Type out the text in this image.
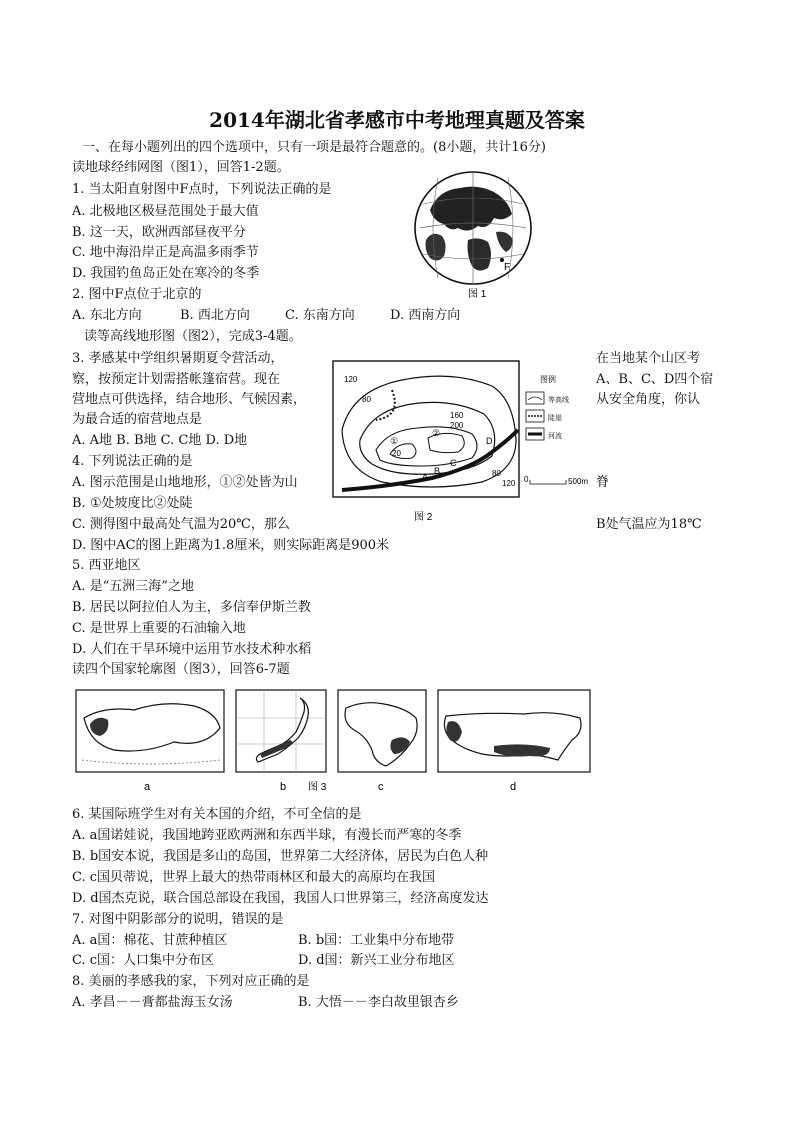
2014年湖北省孝感市中考地理真题及答案
一、在每小题列出的四个选项中，只有一项是最符合题意的。(8小题，共计16分)
读地球经纬网图（图1），回答1-2题。
1. 当太阳直射图中F点时，下列说法正确的是
A. 北极地区极昼范围处于最大值
B. 这一天，欧洲西部昼夜平分
C. 地中海沿岸正是高温多雨季节
D. 我国钓鱼岛正处在寒冷的冬季
2. 图中F点位于北京的
A. 东北方向	B. 西北方向	C. 东南方向	D. 西南方向
F
图 1
读等高线地形图（图2），完成3-4题。
3. 孝感某中学组织暑期夏令营活动，	在当地某个山区考
察，按预定计划需搭帐篷宿营。现在	A、B、C、D四个宿
营地点可供选择，结合地形、气候因素，	从安全角度，你认
为最合适的宿营地点是
A. A地 B. B地 C. C地 D. D地
4. 下列说法正确的是
A. 图示范围是山地地形，①②处皆为山	脊
B. ①处坡度比②处陡
C. 测得图中最高处气温为20℃，那么	B处气温应为18℃
D. 图中AC的图上距离为1.8厘米，则实际距离是900米
120
80
160
200
20
80
120
①
②
A
B
C
D
图例
等高线
陡崖
河流
0	500m
图 2
5. 西亚地区
A. 是“五洲三海”之地
B. 居民以阿拉伯人为主，多信奉伊斯兰教
C. 是世界上重要的石油输入地
D. 人们在干旱环境中运用节水技术种水稻
读四个国家轮廓图（图3），回答6-7题
a	b	c	d
图 3
6. 某国际班学生对有关本国的介绍，不可全信的是
A. a国诺娃说，我国地跨亚欧两洲和东西半球，有漫长而严寒的冬季
B. b国安本说，我国是多山的岛国，世界第二大经济体，居民为白色人种
C. c国贝蒂说，世界上最大的热带雨林区和最大的高原均在我国
D. d国杰克说，联合国总部设在我国，我国人口世界第三，经济高度发达
7. 对图中阴影部分的说明，错误的是
A. a国：棉花、甘蔗种植区	B. b国：工业集中分布地带
C. c国：人口集中分布区	D. d国：新兴工业分布地区
8. 美丽的孝感我的家，下列对应正确的是
A. 孝昌－－膏都盐海玉女汤	B. 大悟－－李白故里银杏乡
